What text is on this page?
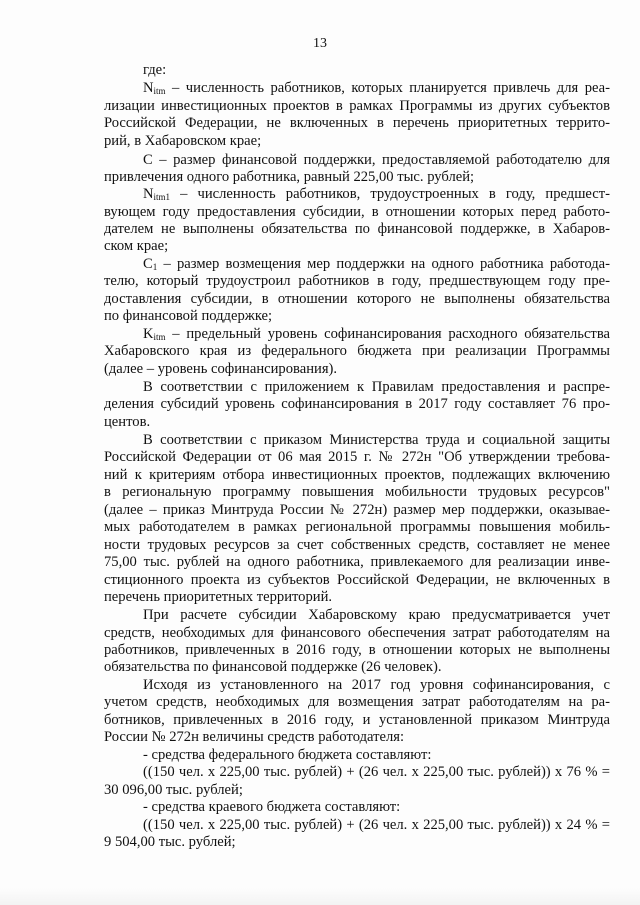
13
где:
Nitm – численность работников, которых планируется привлечь для реа-
лизации инвестиционных проектов в рамках Программы из других субъектов
Российской Федерации, не включенных в перечень приоритетных террито-
рий, в Хабаровском крае;
С – размер финансовой поддержки, предоставляемой работодателю для
привлечения одного работника, равный 225,00 тыс. рублей;
Nitm1 – численность работников, трудоустроенных в году, предшест-
вующем году предоставления субсидии, в отношении которых перед работо-
дателем не выполнены обязательства по финансовой поддержке, в Хабаров-
ском крае;
С1 – размер возмещения мер поддержки на одного работника работода-
телю, который трудоустроил работников в году, предшествующем году пре-
доставления субсидии, в отношении которого не выполнены обязательства
по финансовой поддержке;
Kitm – предельный уровень софинансирования расходного обязательства
Хабаровского края из федерального бюджета при реализации Программы
(далее – уровень софинансирования).
В соответствии с приложением к Правилам предоставления и распре-
деления субсидий уровень софинансирования в 2017 году составляет 76 про-
центов.
В соответствии с приказом Министерства труда и социальной защиты
Российской Федерации от 06 мая 2015 г. № 272н "Об утверждении требова-
ний к критериям отбора инвестиционных проектов, подлежащих включению
в региональную программу повышения мобильности трудовых ресурсов"
(далее – приказ Минтруда России № 272н) размер мер поддержки, оказывае-
мых работодателем в рамках региональной программы повышения мобиль-
ности трудовых ресурсов за счет собственных средств, составляет не менее
75,00 тыс. рублей на одного работника, привлекаемого для реализации инве-
стиционного проекта из субъектов Российской Федерации, не включенных в
перечень приоритетных территорий.
При расчете субсидии Хабаровскому краю предусматривается учет
средств, необходимых для финансового обеспечения затрат работодателям на
работников, привлеченных в 2016 году, в отношении которых не выполнены
обязательства по финансовой поддержке (26 человек).
Исходя из установленного на 2017 год уровня софинансирования, с
учетом средств, необходимых для возмещения затрат работодателям на ра-
ботников, привлеченных в 2016 году, и установленной приказом Минтруда
России № 272н величины средств работодателя:
- средства федерального бюджета составляют:
((150 чел. х 225,00 тыс. рублей) + (26 чел. х 225,00 тыс. рублей)) х 76 % =
30 096,00 тыс. рублей;
- средства краевого бюджета составляют:
((150 чел. х 225,00 тыс. рублей) + (26 чел. х 225,00 тыс. рублей)) х 24 % =
9 504,00 тыс. рублей;
